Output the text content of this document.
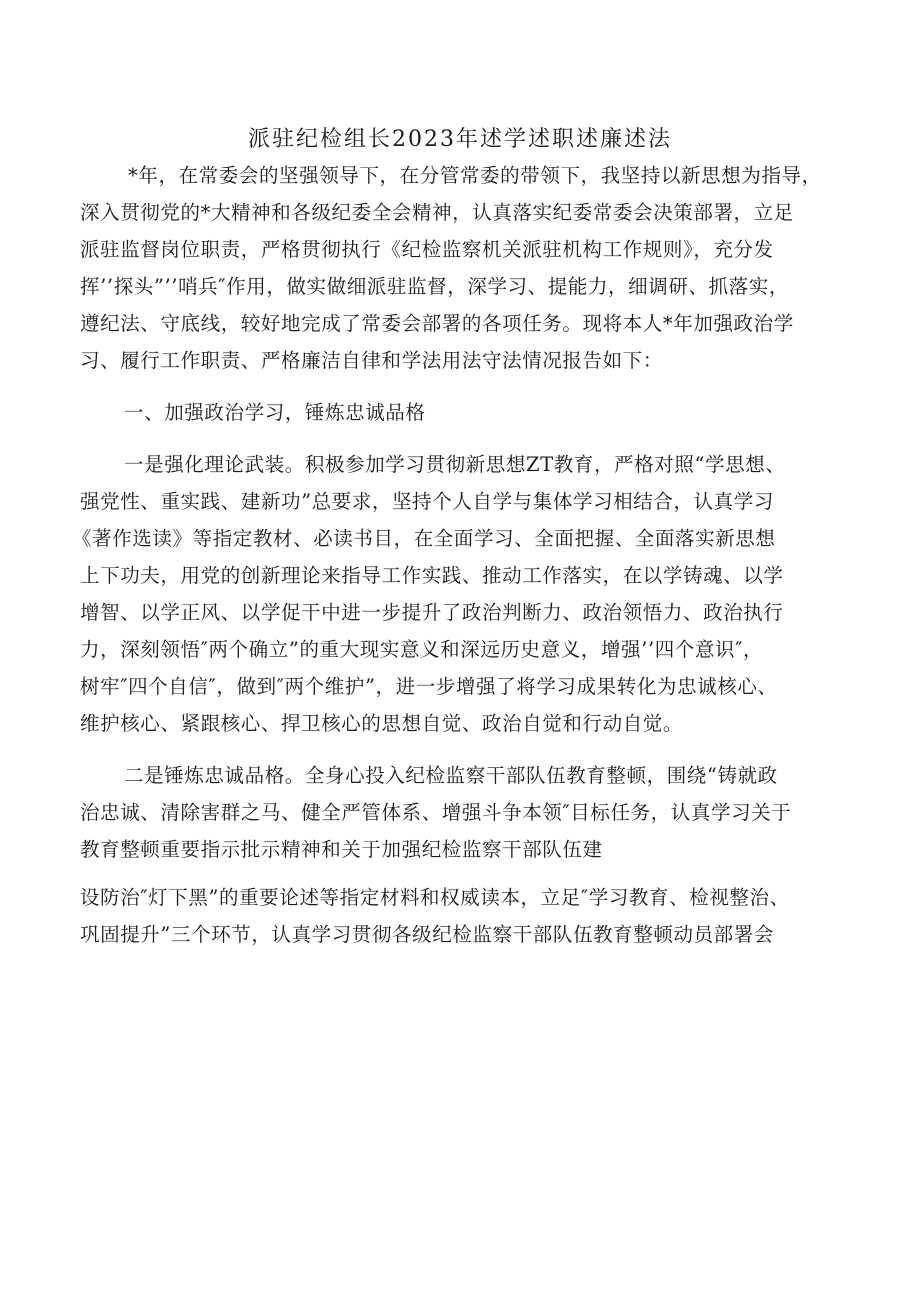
派驻纪检组长2023年述学述职述廉述法
*年，在常委会的坚强领导下，在分管常委的带领下，我坚持以新思想为指导，
深入贯彻党的*大精神和各级纪委全会精神，认真落实纪委常委会决策部署，立足
派驻监督岗位职责，严格贯彻执行《纪检监察机关派驻机构工作规则》，充分发
挥’’探头”’’哨兵″作用，做实做细派驻监督，深学习、提能力，细调研、抓落实，
遵纪法、守底线，较好地完成了常委会部署的各项任务。现将本人*年加强政治学
习、履行工作职责、严格廉洁自律和学法用法守法情况报告如下：
一、加强政治学习，锤炼忠诚品格
一是强化理论武装。积极参加学习贯彻新思想ZT教育，严格对照“学思想、
强党性、重实践、建新功”总要求，坚持个人自学与集体学习相结合，认真学习
《著作选读》等指定教材、必读书目，在全面学习、全面把握、全面落实新思想
上下功夫，用党的创新理论来指导工作实践、推动工作落实，在以学铸魂、以学
增智、以学正风、以学促干中进一步提升了政治判断力、政治领悟力、政治执行
力，深刻领悟″两个确立”的重大现实意义和深远历史意义，增强’’四个意识″，
树牢″四个自信″，做到″两个维护”，进一步增强了将学习成果转化为忠诚核心、
维护核心、紧跟核心、捍卫核心的思想自觉、政治自觉和行动自觉。
二是锤炼忠诚品格。全身心投入纪检监察干部队伍教育整顿，围绕“铸就政
治忠诚、清除害群之马、健全严管体系、增强斗争本领″目标任务，认真学习关于
教育整顿重要指示批示精神和关于加强纪检监察干部队伍建
设防治″灯下黑”的重要论述等指定材料和权威读本，立足″学习教育、检视整治、
巩固提升”三个环节，认真学习贯彻各级纪检监察干部队伍教育整顿动员部署会
